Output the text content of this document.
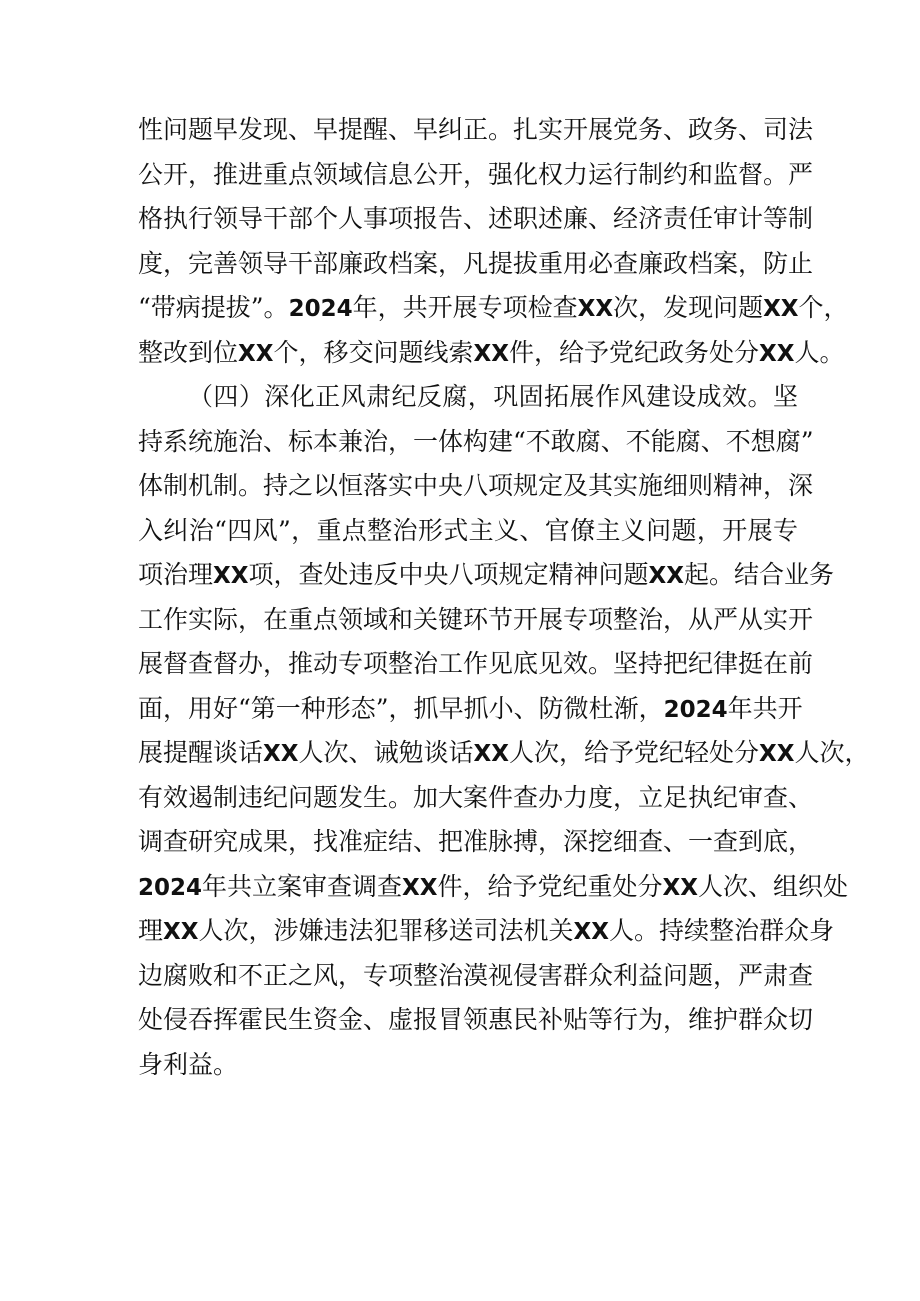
性问题早发现、早提醒、早纠正。扎实开展党务、政务、司法
公开，推进重点领域信息公开，强化权力运行制约和监督。严
格执行领导干部个人事项报告、述职述廉、经济责任审计等制
度，完善领导干部廉政档案，凡提拔重用必查廉政档案，防止
“带病提拔”。2024年，共开展专项检查XX次，发现问题XX个，
整改到位XX个，移交问题线索XX件，给予党纪政务处分XX人。
（四）深化正风肃纪反腐，巩固拓展作风建设成效。坚
持系统施治、标本兼治，一体构建“不敢腐、不能腐、不想腐”
体制机制。持之以恒落实中央八项规定及其实施细则精神，深
入纠治“四风”，重点整治形式主义、官僚主义问题，开展专
项治理XX项，查处违反中央八项规定精神问题XX起。结合业务
工作实际，在重点领域和关键环节开展专项整治，从严从实开
展督查督办，推动专项整治工作见底见效。坚持把纪律挺在前
面，用好“第一种形态”，抓早抓小、防微杜渐，2024年共开
展提醒谈话XX人次、诫勉谈话XX人次，给予党纪轻处分XX人次，
有效遏制违纪问题发生。加大案件查办力度，立足执纪审查、
调查研究成果，找准症结、把准脉搏，深挖细查、一查到底，
2024年共立案审查调查XX件，给予党纪重处分XX人次、组织处
理XX人次，涉嫌违法犯罪移送司法机关XX人。持续整治群众身
边腐败和不正之风，专项整治漠视侵害群众利益问题，严肃查
处侵吞挥霍民生资金、虚报冒领惠民补贴等行为，维护群众切
身利益。
